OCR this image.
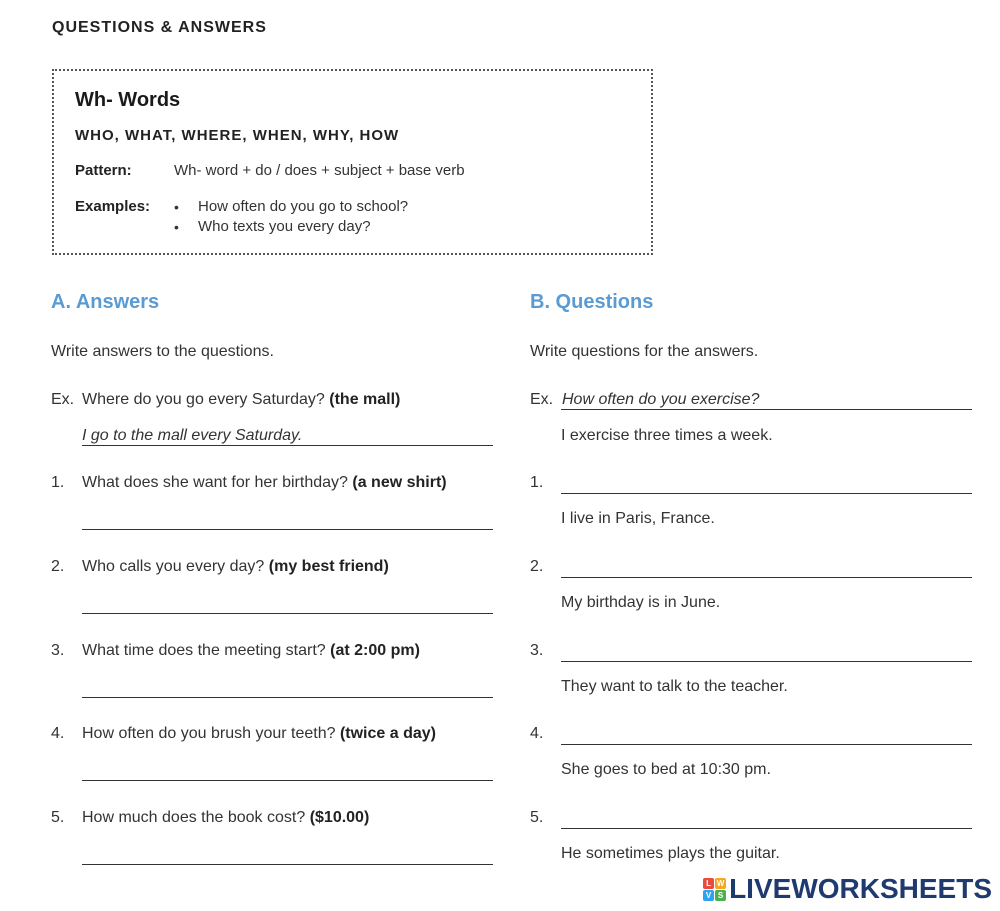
QUESTIONS & ANSWERS
Wh- Words
WHO, WHAT, WHERE, WHEN, WHY, HOW
Pattern:	Wh- word + do / does + subject + base verb
Examples: • How often do you go to school?
• Who texts you every day?
A. Answers
Write answers to the questions.
Ex. Where do you go every Saturday? (the mall)
I go to the mall every Saturday.
1. What does she want for her birthday? (a new shirt)
2. Who calls you every day? (my best friend)
3. What time does the meeting start? (at 2:00 pm)
4. How often do you brush your teeth? (twice a day)
5. How much does the book cost? ($10.00)
B. Questions
Write questions for the answers.
Ex. How often do you exercise?
I exercise three times a week.
1.
I live in Paris, France.
2.
My birthday is in June.
3.
They want to talk to the teacher.
4.
She goes to bed at 10:30 pm.
5.
He sometimes plays the guitar.
L W
V S LIVEWORKSHEETS
